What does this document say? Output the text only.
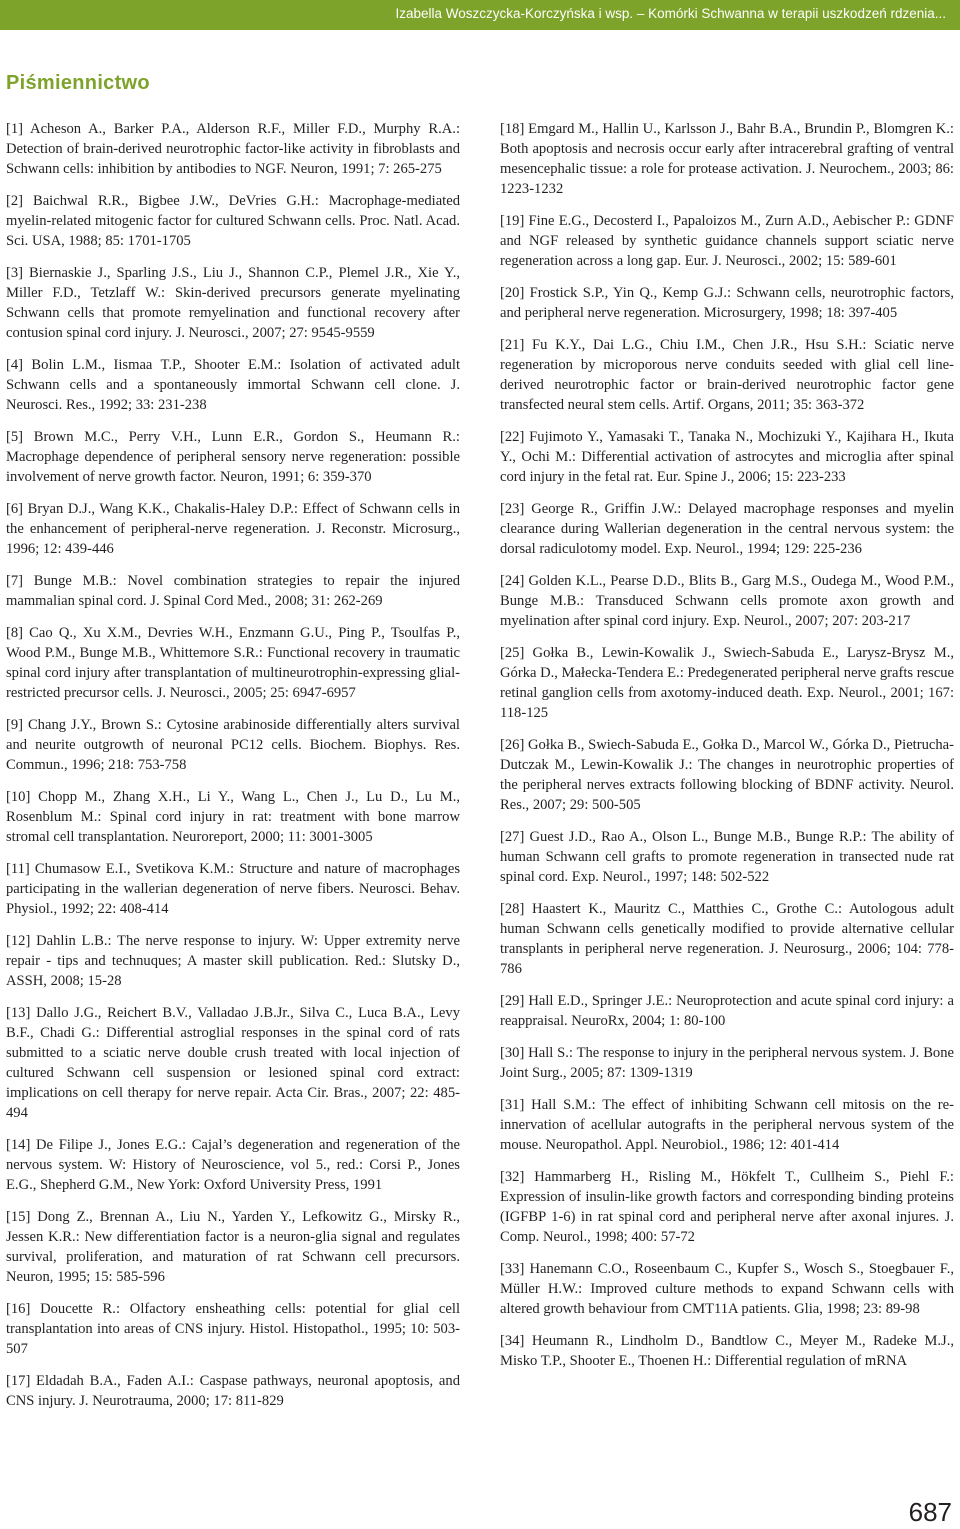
Izabella Woszczycka-Korczyńska i wsp. – Komórki Schwanna w terapii uszkodzeń rdzenia...
Piśmiennictwo

[1] Acheson A., Barker P.A., Alderson R.F., Miller F.D., Murphy R.A.: Detection of brain-derived neurotrophic factor-like activity in fibroblasts and Schwann cells: inhibition by antibodies to NGF. Neuron, 1991; 7: 265-275

[2] Baichwal R.R., Bigbee J.W., DeVries G.H.: Macrophage-mediated myelin-related mitogenic factor for cultured Schwann cells. Proc. Natl. Acad. Sci. USA, 1988; 85: 1701-1705

[3] Biernaskie J., Sparling J.S., Liu J., Shannon C.P., Plemel J.R., Xie Y., Miller F.D., Tetzlaff W.: Skin-derived precursors generate myelinating Schwann cells that promote remyelination and functional recovery after contusion spinal cord injury. J. Neurosci., 2007; 27: 9545-9559

[4] Bolin L.M., Iismaa T.P., Shooter E.M.: Isolation of activated adult Schwann cells and a spontaneously immortal Schwann cell clone. J. Neurosci. Res., 1992; 33: 231-238

[5] Brown M.C., Perry V.H., Lunn E.R., Gordon S., Heumann R.: Macrophage dependence of peripheral sensory nerve regeneration: possible involvement of nerve growth factor. Neuron, 1991; 6: 359-370

[6] Bryan D.J., Wang K.K., Chakalis-Haley D.P.: Effect of Schwann cells in the enhancement of peripheral-nerve regeneration. J. Reconstr. Microsurg., 1996; 12: 439-446

[7] Bunge M.B.: Novel combination strategies to repair the injured mammalian spinal cord. J. Spinal Cord Med., 2008; 31: 262-269

[8] Cao Q., Xu X.M., Devries W.H., Enzmann G.U., Ping P., Tsoulfas P., Wood P.M., Bunge M.B., Whittemore S.R.: Functional recovery in traumatic spinal cord injury after transplantation of multineurotrophin-expressing glial-restricted precursor cells. J. Neurosci., 2005; 25: 6947-6957

[9] Chang J.Y., Brown S.: Cytosine arabinoside differentially alters survival and neurite outgrowth of neuronal PC12 cells. Biochem. Biophys. Res. Commun., 1996; 218: 753-758

[10] Chopp M., Zhang X.H., Li Y., Wang L., Chen J., Lu D., Lu M., Rosenblum M.: Spinal cord injury in rat: treatment with bone marrow stromal cell transplantation. Neuroreport, 2000; 11: 3001-3005

[11] Chumasow E.I., Svetikova K.M.: Structure and nature of macrophages participating in the wallerian degeneration of nerve fibers. Neurosci. Behav. Physiol., 1992; 22: 408-414

[12] Dahlin L.B.: The nerve response to injury. W: Upper extremity nerve repair - tips and technuques; A master skill publication. Red.: Slutsky D., ASSH, 2008; 15-28

[13] Dallo J.G., Reichert B.V., Valladao J.B.Jr., Silva C., Luca B.A., Levy B.F., Chadi G.: Differential astroglial responses in the spinal cord of rats submitted to a sciatic nerve double crush treated with local injection of cultured Schwann cell suspension or lesioned spinal cord extract: implications on cell therapy for nerve repair. Acta Cir. Bras., 2007; 22: 485-494

[14] De Filipe J., Jones E.G.: Cajal’s degeneration and regeneration of the nervous system. W: History of Neuroscience, vol 5., red.: Corsi P., Jones E.G., Shepherd G.M., New York: Oxford University Press, 1991

[15] Dong Z., Brennan A., Liu N., Yarden Y., Lefkowitz G., Mirsky R., Jessen K.R.: New differentiation factor is a neuron-glia signal and regulates survival, proliferation, and maturation of rat Schwann cell precursors. Neuron, 1995; 15: 585-596

[16] Doucette R.: Olfactory ensheathing cells: potential for glial cell transplantation into areas of CNS injury. Histol. Histopathol., 1995; 10: 503-507

[17] Eldadah B.A., Faden A.I.: Caspase pathways, neuronal apoptosis, and CNS injury. J. Neurotrauma, 2000; 17: 811-829

[18] Emgard M., Hallin U., Karlsson J., Bahr B.A., Brundin P., Blomgren K.: Both apoptosis and necrosis occur early after intracerebral grafting of ventral mesencephalic tissue: a role for protease activation. J. Neurochem., 2003; 86: 1223-1232

[19] Fine E.G., Decosterd I., Papaloizos M., Zurn A.D., Aebischer P.: GDNF and NGF released by synthetic guidance channels support sciatic nerve regeneration across a long gap. Eur. J. Neurosci., 2002; 15: 589-601

[20] Frostick S.P., Yin Q., Kemp G.J.: Schwann cells, neurotrophic factors, and peripheral nerve regeneration. Microsurgery, 1998; 18: 397-405

[21] Fu K.Y., Dai L.G., Chiu I.M., Chen J.R., Hsu S.H.: Sciatic nerve regeneration by microporous nerve conduits seeded with glial cell line-derived neurotrophic factor or brain-derived neurotrophic factor gene transfected neural stem cells. Artif. Organs, 2011; 35: 363-372

[22] Fujimoto Y., Yamasaki T., Tanaka N., Mochizuki Y., Kajihara H., Ikuta Y., Ochi M.: Differential activation of astrocytes and microglia after spinal cord injury in the fetal rat. Eur. Spine J., 2006; 15: 223-233

[23] George R., Griffin J.W.: Delayed macrophage responses and myelin clearance during Wallerian degeneration in the central nervous system: the dorsal radiculotomy model. Exp. Neurol., 1994; 129: 225-236

[24] Golden K.L., Pearse D.D., Blits B., Garg M.S., Oudega M., Wood P.M., Bunge M.B.: Transduced Schwann cells promote axon growth and myelination after spinal cord injury. Exp. Neurol., 2007; 207: 203-217

[25] Gołka B., Lewin-Kowalik J., Swiech-Sabuda E., Larysz-Brysz M., Górka D., Małecka-Tendera E.: Predegenerated peripheral nerve grafts rescue retinal ganglion cells from axotomy-induced death. Exp. Neurol., 2001; 167: 118-125

[26] Gołka B., Swiech-Sabuda E., Gołka D., Marcol W., Górka D., Pietrucha-Dutczak M., Lewin-Kowalik J.: The changes in neurotrophic properties of the peripheral nerves extracts following blocking of BDNF activity. Neurol. Res., 2007; 29: 500-505

[27] Guest J.D., Rao A., Olson L., Bunge M.B., Bunge R.P.: The ability of human Schwann cell grafts to promote regeneration in transected nude rat spinal cord. Exp. Neurol., 1997; 148: 502-522

[28] Haastert K., Mauritz C., Matthies C., Grothe C.: Autologous adult human Schwann cells genetically modified to provide alternative cellular transplants in peripheral nerve regeneration. J. Neurosurg., 2006; 104: 778-786

[29] Hall E.D., Springer J.E.: Neuroprotection and acute spinal cord injury: a reappraisal. NeuroRx, 2004; 1: 80-100

[30] Hall S.: The response to injury in the peripheral nervous system. J. Bone Joint Surg., 2005; 87: 1309-1319

[31] Hall S.M.: The effect of inhibiting Schwann cell mitosis on the re-innervation of acellular autografts in the peripheral nervous system of the mouse. Neuropathol. Appl. Neurobiol., 1986; 12: 401-414

[32] Hammarberg H., Risling M., Hökfelt T., Cullheim S., Piehl F.: Expression of insulin-like growth factors and corresponding binding proteins (IGFBP 1-6) in rat spinal cord and peripheral nerve after axonal injures. J. Comp. Neurol., 1998; 400: 57-72

[33] Hanemann C.O., Roseenbaum C., Kupfer S., Wosch S., Stoegbauer F., Müller H.W.: Improved culture methods to expand Schwann cells with altered growth behaviour from CMT11A patients. Glia, 1998; 23: 89-98

[34] Heumann R., Lindholm D., Bandtlow C., Meyer M., Radeke M.J., Misko T.P., Shooter E., Thoenen H.: Differential regulation of mRNA

687
